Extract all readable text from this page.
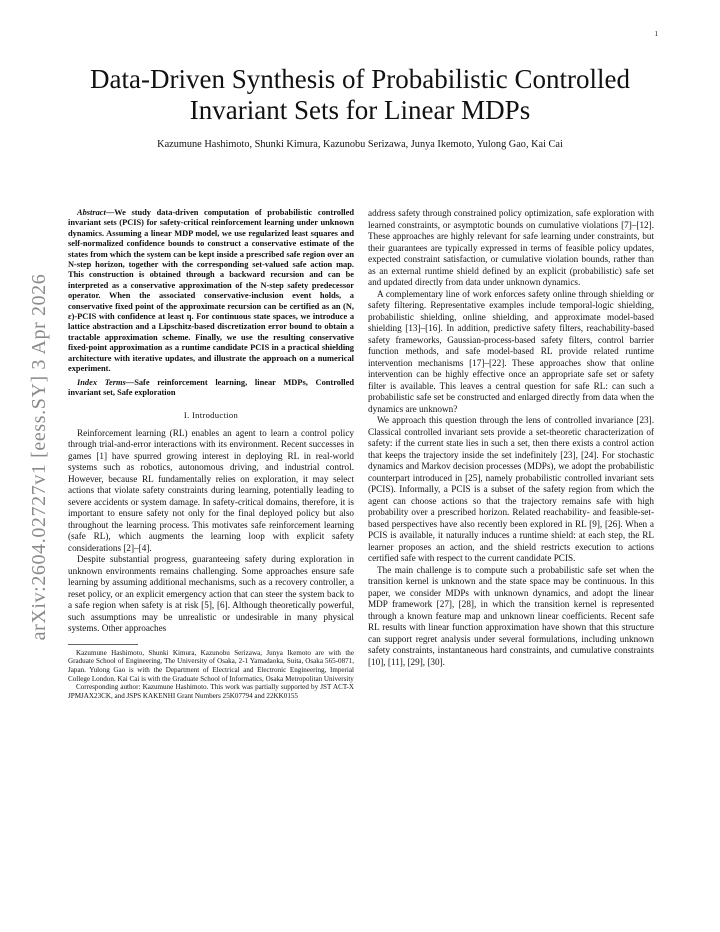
1
arXiv:2604.02727v1 [eess.SY] 3 Apr 2026
Data-Driven Synthesis of Probabilistic Controlled Invariant Sets for Linear MDPs
Kazumune Hashimoto, Shunki Kimura, Kazunobu Serizawa, Junya Ikemoto, Yulong Gao, Kai Cai

Abstract—We study data-driven computation of probabilistic controlled invariant sets (PCIS) for safety-critical reinforcement learning under unknown dynamics. Assuming a linear MDP model, we use regularized least squares and self-normalized confidence bounds to construct a conservative estimate of the states from which the system can be kept inside a prescribed safe region over an N-step horizon, together with the corresponding set-valued safe action map. This construction is obtained through a backward recursion and can be interpreted as a conservative approximation of the N-step safety predecessor operator. When the associated conservative-inclusion event holds, a conservative fixed point of the approximate recursion can be certified as an (N, ε)-PCIS with confidence at least η. For continuous state spaces, we introduce a lattice abstraction and a Lipschitz-based discretization error bound to obtain a tractable approximation scheme. Finally, we use the resulting conservative fixed-point approximation as a runtime candidate PCIS in a practical shielding architecture with iterative updates, and illustrate the approach on a numerical experiment.

Index Terms—Safe reinforcement learning, linear MDPs, Controlled invariant set, Safe exploration

I. Introduction

Reinforcement learning (RL) enables an agent to learn a control policy through trial-and-error interactions with its environment. Recent successes in games [1] have spurred growing interest in deploying RL in real-world systems such as robotics, autonomous driving, and industrial control. However, because RL fundamentally relies on exploration, it may select actions that violate safety constraints during learning, potentially leading to severe accidents or system damage. In safety-critical domains, therefore, it is important to ensure safety not only for the final deployed policy but also throughout the learning process. This motivates safe reinforcement learning (safe RL), which augments the learning loop with explicit safety considerations [2]–[4].

Despite substantial progress, guaranteeing safety during exploration in unknown environments remains challenging. Some approaches ensure safe learning by assuming additional mechanisms, such as a recovery controller, a reset policy, or an explicit emergency action that can steer the system back to a safe region when safety is at risk [5], [6]. Although theoretically powerful, such assumptions may be unrealistic or undesirable in many physical systems. Other approaches

Kazumune Hashimoto, Shunki Kimura, Kazunobu Serizawa, Junya Ikemoto are with the Graduate School of Engineering, The University of Osaka, 2-1 Yamadaoka, Suita, Osaka 565-0871, Japan. Yulong Gao is with the Department of Electrical and Electronic Engineering, Imperial College London. Kai Cai is with the Graduate School of Informatics, Osaka Metropolitan University

Corresponding author: Kazumune Hashimoto. This work was partially supported by JST ACT-X JPMJAX23CK, and JSPS KAKENHI Grant Numbers 25K07794 and 22KK0155

address safety through constrained policy optimization, safe exploration with learned constraints, or asymptotic bounds on cumulative violations [7]–[12]. These approaches are highly relevant for safe learning under constraints, but their guarantees are typically expressed in terms of feasible policy updates, expected constraint satisfaction, or cumulative violation bounds, rather than as an external runtime shield defined by an explicit (probabilistic) safe set and updated directly from data under unknown dynamics.

A complementary line of work enforces safety online through shielding or safety filtering. Representative examples include temporal-logic shielding, probabilistic shielding, online shielding, and approximate model-based shielding [13]–[16]. In addition, predictive safety filters, reachability-based safety frameworks, Gaussian-process-based safety filters, control barrier function methods, and safe model-based RL provide related runtime intervention mechanisms [17]–[22]. These approaches show that online intervention can be highly effective once an appropriate safe set or safety filter is available. This leaves a central question for safe RL: can such a probabilistic safe set be constructed and enlarged directly from data when the dynamics are unknown?

We approach this question through the lens of controlled invariance [23]. Classical controlled invariant sets provide a set-theoretic characterization of safety: if the current state lies in such a set, then there exists a control action that keeps the trajectory inside the set indefinitely [23], [24]. For stochastic dynamics and Markov decision processes (MDPs), we adopt the probabilistic counterpart introduced in [25], namely probabilistic controlled invariant sets (PCIS). Informally, a PCIS is a subset of the safety region from which the agent can choose actions so that the trajectory remains safe with high probability over a prescribed horizon. Related reachability- and feasible-set-based perspectives have also recently been explored in RL [9], [26]. When a PCIS is available, it naturally induces a runtime shield: at each step, the RL learner proposes an action, and the shield restricts execution to actions certified safe with respect to the current candidate PCIS.

The main challenge is to compute such a probabilistic safe set when the transition kernel is unknown and the state space may be continuous. In this paper, we consider MDPs with unknown dynamics, and adopt the linear MDP framework [27], [28], in which the transition kernel is represented through a known feature map and unknown linear coefficients. Recent safe RL results with linear function approximation have shown that this structure can support regret analysis under several formulations, including unknown safety constraints, instantaneous hard constraints, and cumulative constraints [10], [11], [29], [30].
